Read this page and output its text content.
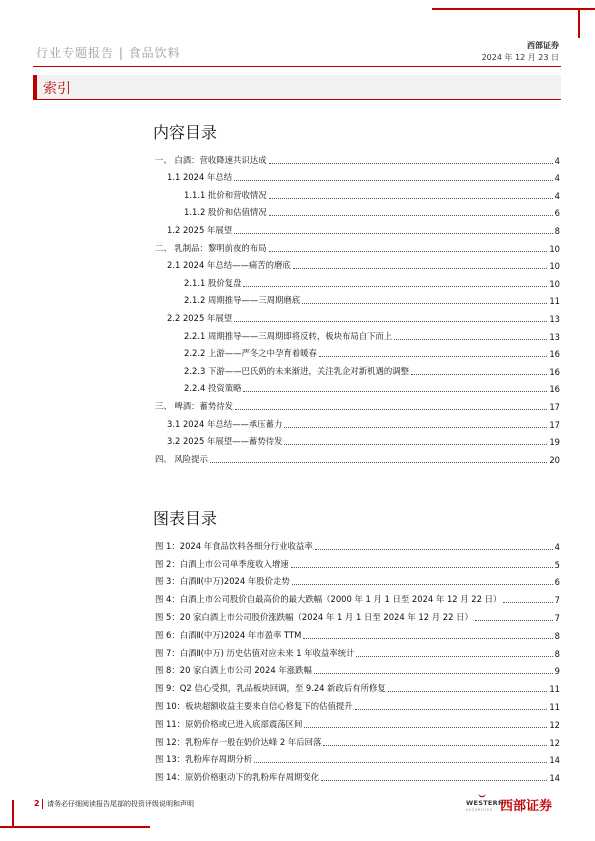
行业专题报告 | 食品饮料
西部证券
2024 年 12 月 23 日
索引
内容目录
一、 白酒：营收降速共识达成	4
1.1 2024 年总结	4
1.1.1 批价和营收情况	4
1.1.2 股价和估值情况	6
1.2 2025 年展望	8
二、 乳制品：黎明前夜的布局	10
2.1 2024 年总结——痛苦的磨底	10
2.1.1 股价复盘	10
2.1.2 周期推导——三周期磨底	11
2.2 2025 年展望	13
2.2.1 周期推导——三周期即将反转，板块布局自下而上	13
2.2.2 上游——严冬之中孕育着暖春	16
2.2.3 下游——巴氏奶的未来渐进，关注乳企对新机遇的调整	16
2.2.4 投资策略	16
三、 啤酒：蓄势待发	17
3.1 2024 年总结——承压蓄力	17
3.2 2025 年展望——蓄势待发	19
四、 风险提示	20
图表目录
图 1：2024 年食品饮料各细分行业收益率	4
图 2：白酒上市公司单季度收入增速	5
图 3：白酒Ⅱ(中万)2024 年股价走势	6
图 4：白酒上市公司股价自最高价的最大跌幅（2000 年 1 月 1 日至 2024 年 12 月 22 日）	7
图 5：20 家白酒上市公司股价涨跌幅（2024 年 1 月 1 日至 2024 年 12 月 22 日）	7
图 6：白酒Ⅱ(中万)2024 年市盈率 TTM	8
图 7：白酒Ⅱ(中万) 历史估值对应未来 1 年收益率统计	8
图 8：20 家白酒上市公司 2024 年涨跌幅	9
图 9：Q2 信心受损，乳品板块回调，至 9.24 新政后有所修复	11
图 10：板块超额收益主要来自信心修复下的估值提升	11
图 11：原奶价格或已进入底部震荡区间	12
图 12：乳粉库存一般在奶价达峰 2 年后回落	12
图 13：乳粉库存周期分析	14
图 14：原奶价格驱动下的乳粉库存周期变化	14
2 请务必仔细阅读报告尾部的投资评级说明和声明	WESTERN
SECURITIES 西部证券
